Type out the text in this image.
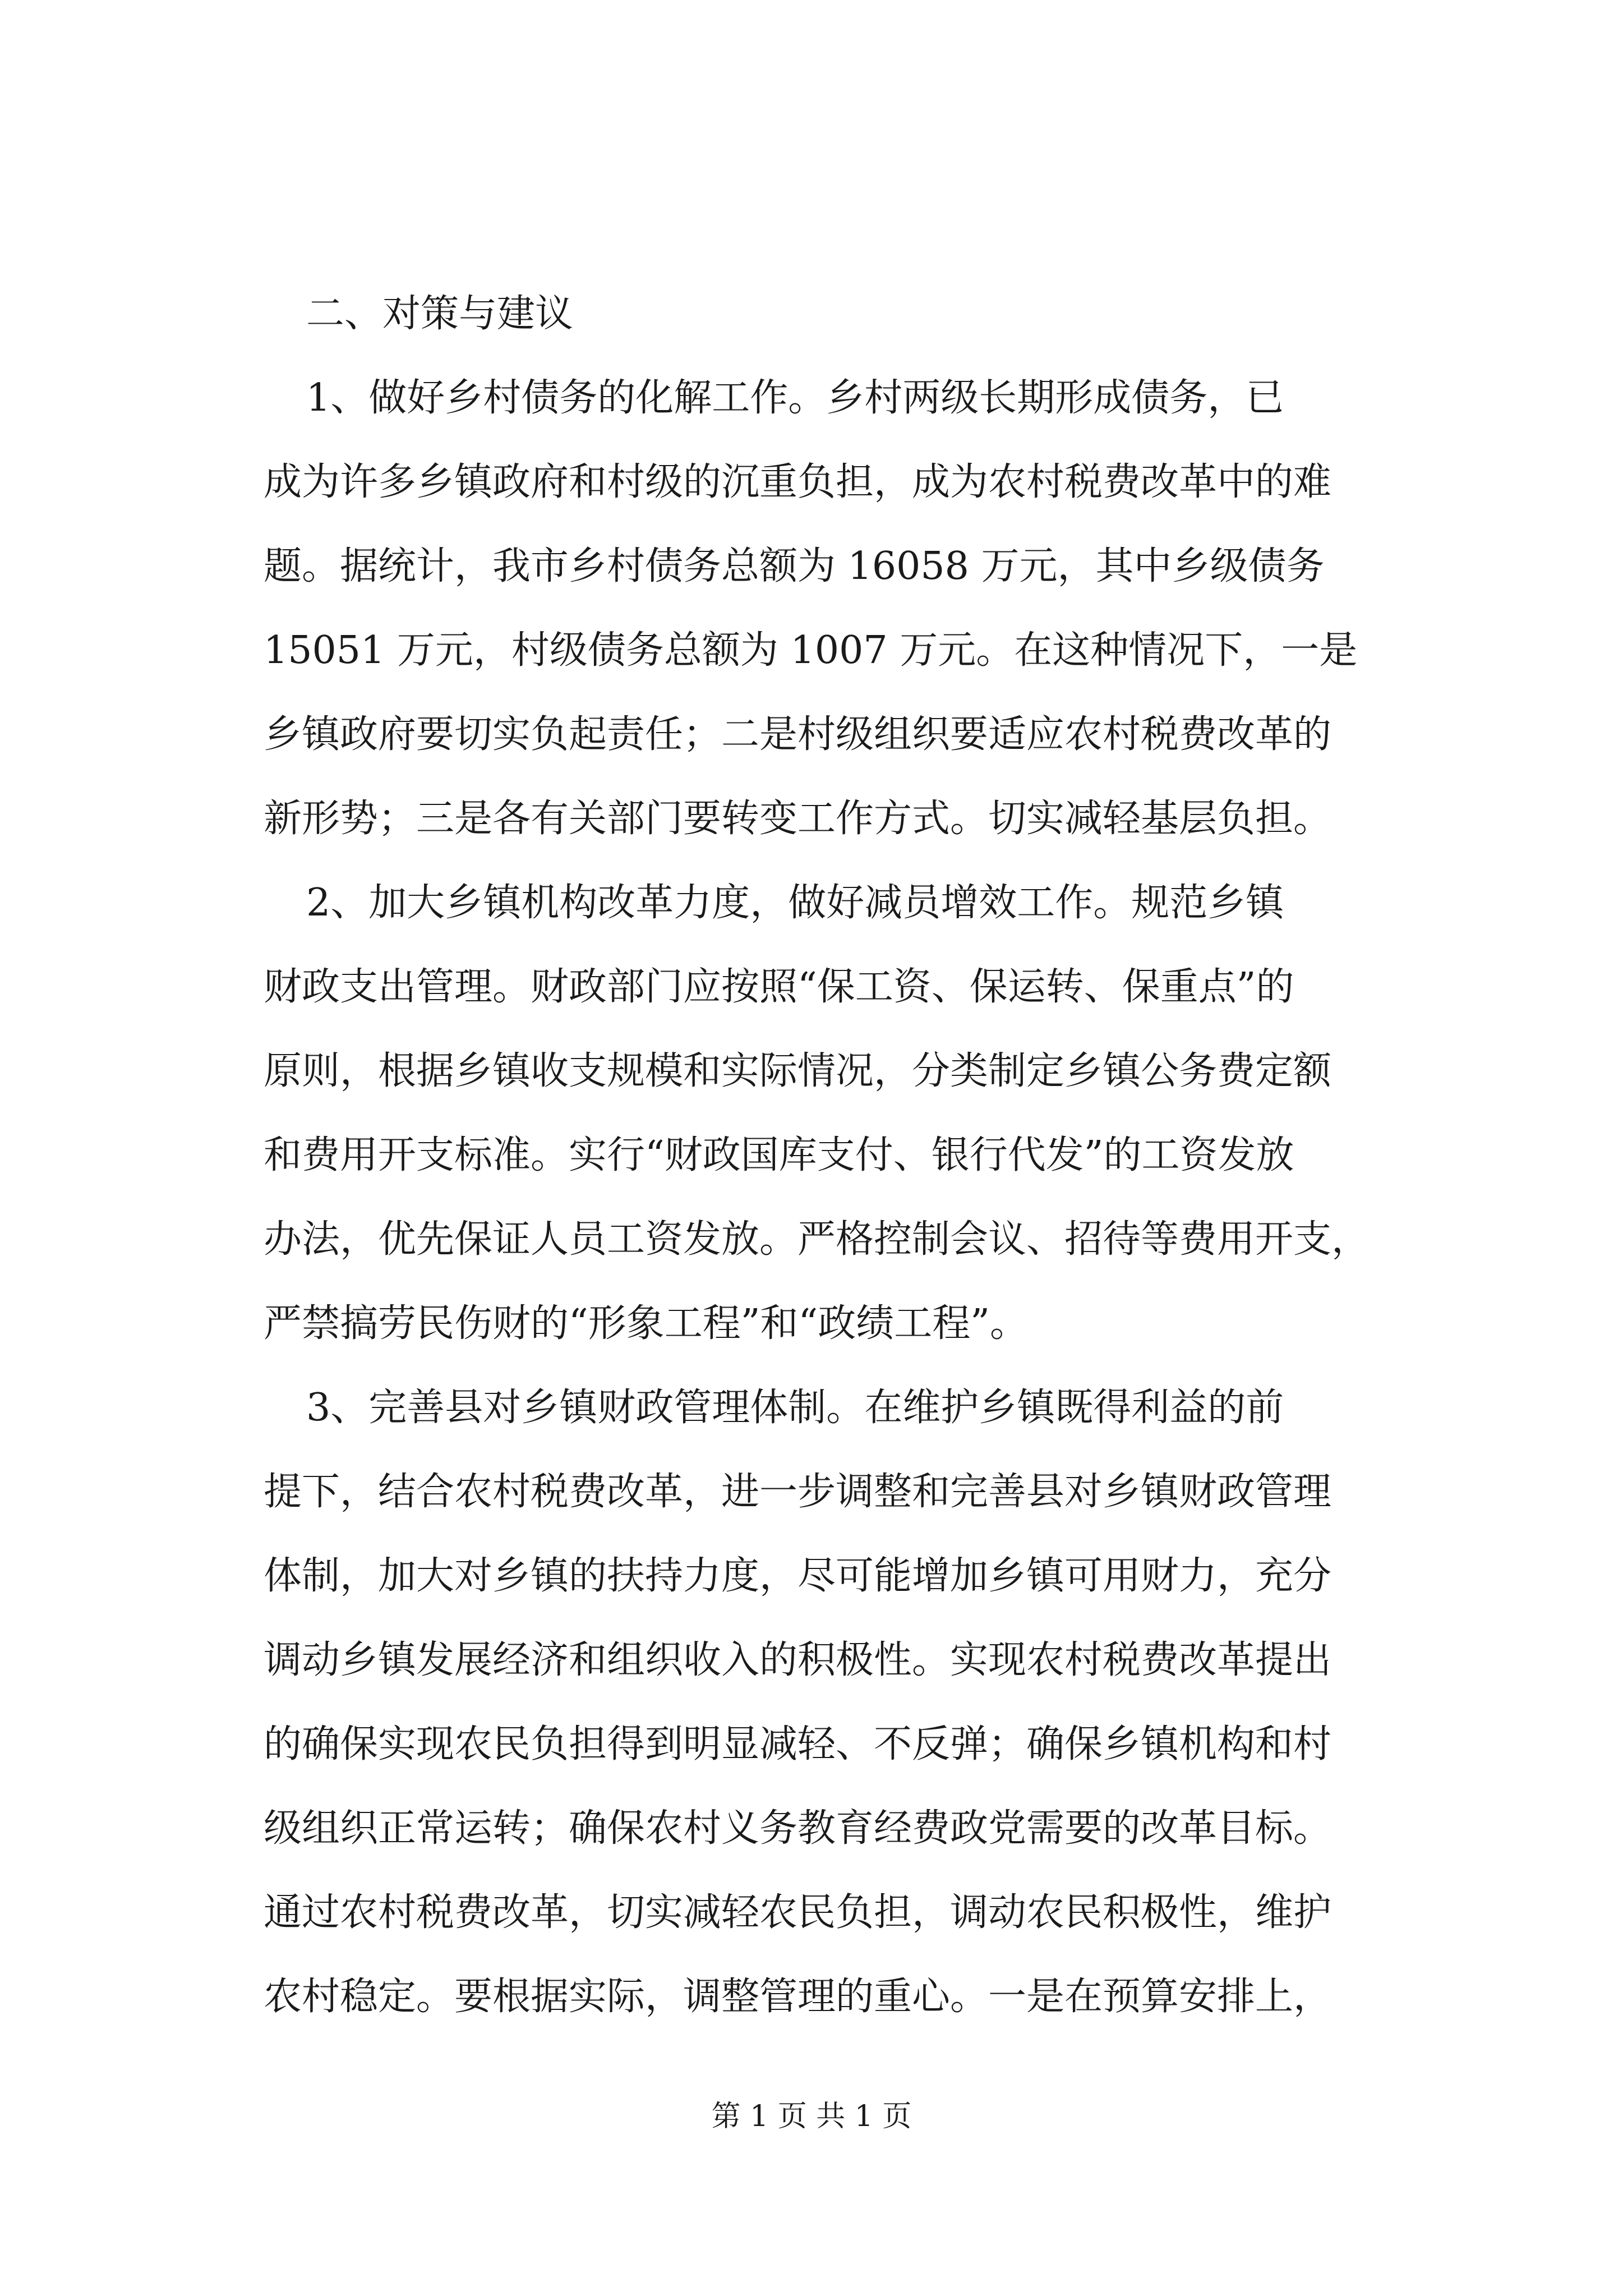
二、对策与建议
1、做好乡村债务的化解工作。乡村两级长期形成债务，已
成为许多乡镇政府和村级的沉重负担，成为农村税费改革中的难
题。据统计，我市乡村债务总额为 16058 万元，其中乡级债务
15051 万元，村级债务总额为 1007 万元。在这种情况下，一是
乡镇政府要切实负起责任；二是村级组织要适应农村税费改革的
新形势；三是各有关部门要转变工作方式。切实减轻基层负担。
2、加大乡镇机构改革力度，做好减员增效工作。规范乡镇
财政支出管理。财政部门应按照“保工资、保运转、保重点”的
原则，根据乡镇收支规模和实际情况，分类制定乡镇公务费定额
和费用开支标准。实行“财政国库支付、银行代发”的工资发放
办法，优先保证人员工资发放。严格控制会议、招待等费用开支，
严禁搞劳民伤财的“形象工程”和“政绩工程”。
3、完善县对乡镇财政管理体制。在维护乡镇既得利益的前
提下，结合农村税费改革，进一步调整和完善县对乡镇财政管理
体制，加大对乡镇的扶持力度，尽可能增加乡镇可用财力，充分
调动乡镇发展经济和组织收入的积极性。实现农村税费改革提出
的确保实现农民负担得到明显减轻、不反弹；确保乡镇机构和村
级组织正常运转；确保农村义务教育经费政党需要的改革目标。
通过农村税费改革，切实减轻农民负担，调动农民积极性，维护
农村稳定。要根据实际，调整管理的重心。一是在预算安排上，
第 1 页 共 1 页
